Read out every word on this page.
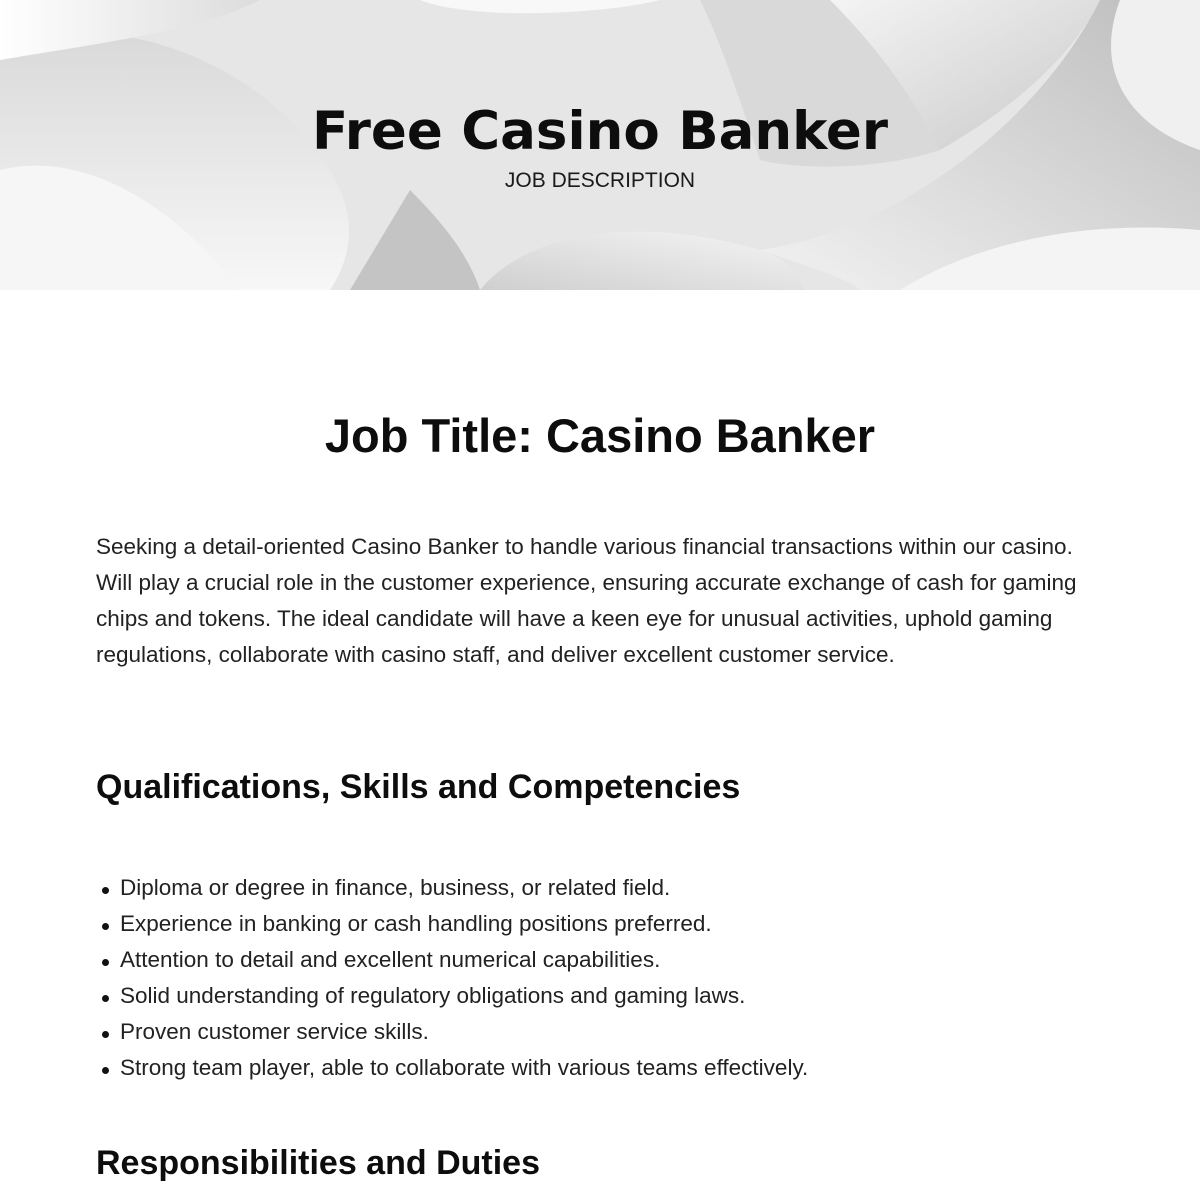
Free Casino Banker
JOB DESCRIPTION
Job Title: Casino Banker

Seeking a detail-oriented Casino Banker to handle various financial transactions within our casino. Will play a crucial role in the customer experience, ensuring accurate exchange of cash for gaming chips and tokens. The ideal candidate will have a keen eye for unusual activities, uphold gaming regulations, collaborate with casino staff, and deliver excellent customer service.

Qualifications, Skills and Competencies
Diploma or degree in finance, business, or related field.
Experience in banking or cash handling positions preferred.
Attention to detail and excellent numerical capabilities.
Solid understanding of regulatory obligations and gaming laws.
Proven customer service skills.
Strong team player, able to collaborate with various teams effectively.
Responsibilities and Duties
